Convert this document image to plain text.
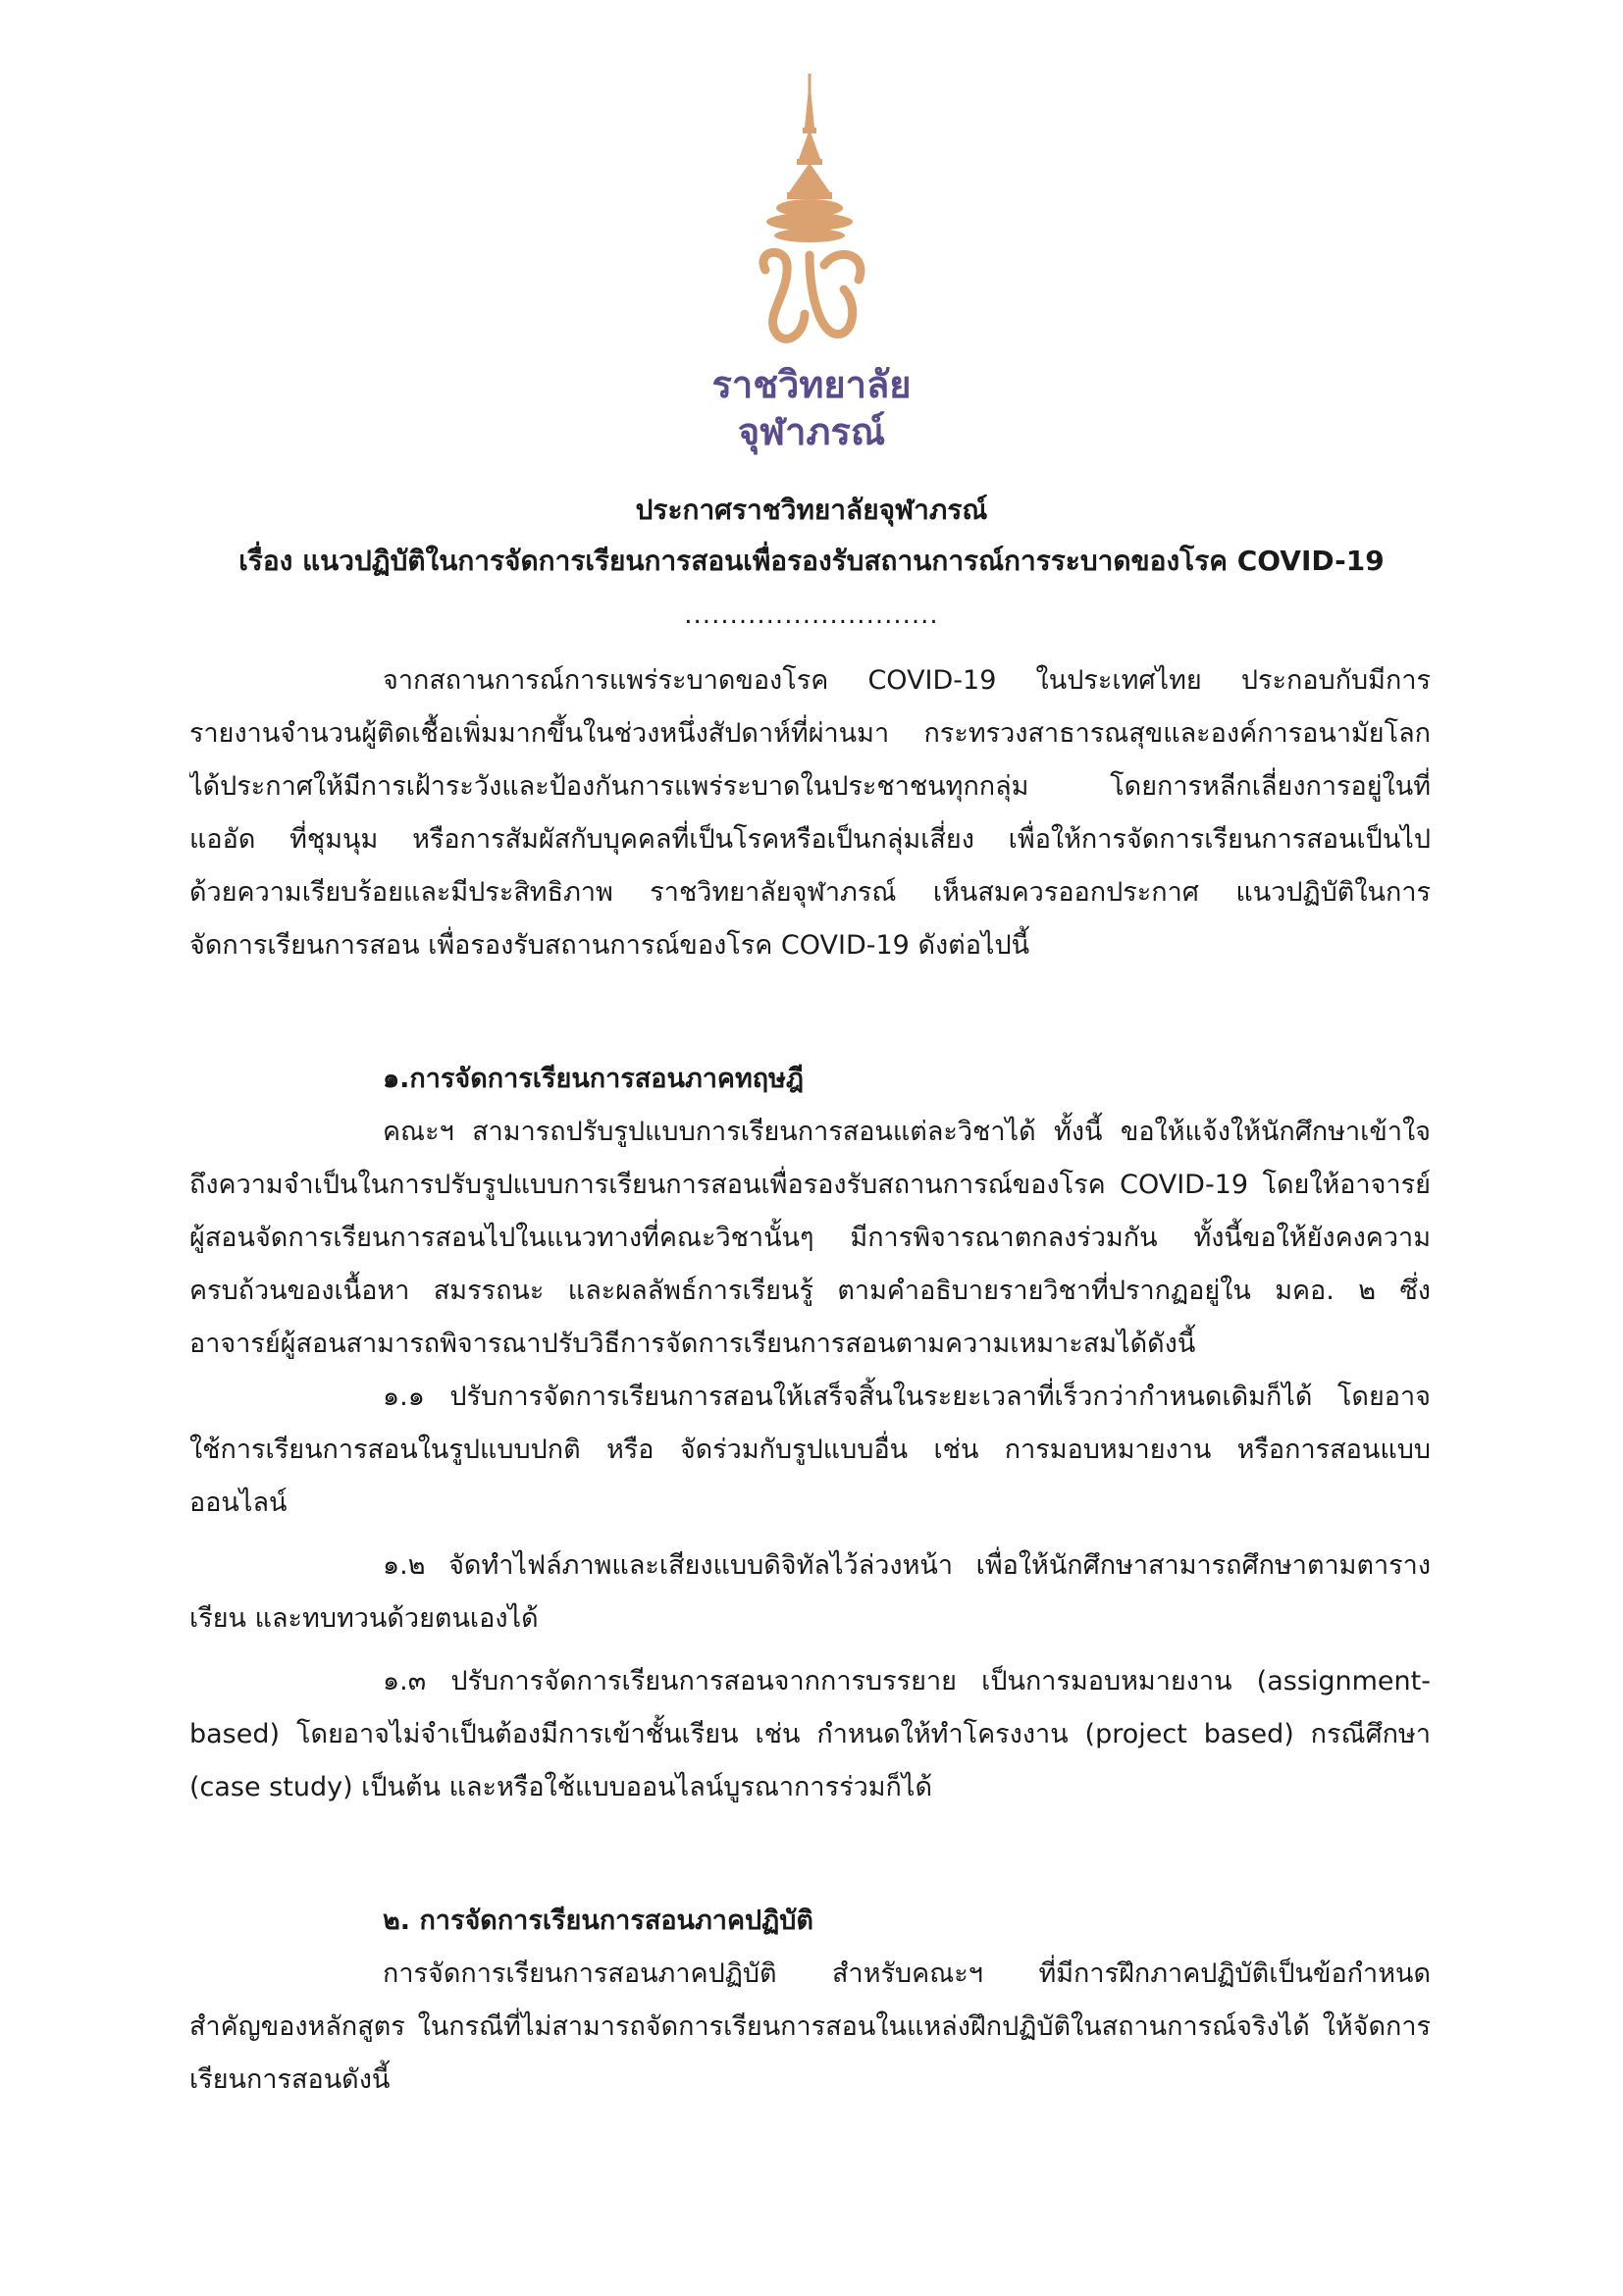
ราชวิทยาลัย
จุฬาภรณ์
ประกาศราชวิทยาลัยจุฬาภรณ์
เรื่อง แนวปฏิบัติในการจัดการเรียนการสอนเพื่อรองรับสถานการณ์การระบาดของโรค COVID-19
............................
จากสถานการณ์การแพร่ระบาดของโรค COVID-19 ในประเทศไทย ประกอบกับมีการ
รายงานจำนวนผู้ติดเชื้อเพิ่มมากขึ้นในช่วงหนึ่งสัปดาห์ที่ผ่านมา กระทรวงสาธารณสุขและองค์การอนามัยโลก
ได้ประกาศให้มีการเฝ้าระวังและป้องกันการแพร่ระบาดในประชาชนทุกกลุ่ม โดยการหลีกเลี่ยงการอยู่ในที่
แออัด ที่ชุมนุม หรือการสัมผัสกับบุคคลที่เป็นโรคหรือเป็นกลุ่มเสี่ยง เพื่อให้การจัดการเรียนการสอนเป็นไป
ด้วยความเรียบร้อยและมีประสิทธิภาพ ราชวิทยาลัยจุฬาภรณ์ เห็นสมควรออกประกาศ แนวปฏิบัติในการ
จัดการเรียนการสอน เพื่อรองรับสถานการณ์ของโรค COVID-19 ดังต่อไปนี้
๑.การจัดการเรียนการสอนภาคทฤษฎี
คณะฯ สามารถปรับรูปแบบการเรียนการสอนแต่ละวิชาได้ ทั้งนี้ ขอให้แจ้งให้นักศึกษาเข้าใจ
ถึงความจำเป็นในการปรับรูปแบบการเรียนการสอนเพื่อรองรับสถานการณ์ของโรค COVID-19 โดยให้อาจารย์
ผู้สอนจัดการเรียนการสอนไปในแนวทางที่คณะวิชานั้นๆ มีการพิจารณาตกลงร่วมกัน ทั้งนี้ขอให้ยังคงความ
ครบถ้วนของเนื้อหา สมรรถนะ และผลลัพธ์การเรียนรู้ ตามคำอธิบายรายวิชาที่ปรากฏอยู่ใน มคอ. ๒ ซึ่ง
อาจารย์ผู้สอนสามารถพิจารณาปรับวิธีการจัดการเรียนการสอนตามความเหมาะสมได้ดังนี้
๑.๑ ปรับการจัดการเรียนการสอนให้เสร็จสิ้นในระยะเวลาที่เร็วกว่ากำหนดเดิมก็ได้ โดยอาจ
ใช้การเรียนการสอนในรูปแบบปกติ หรือ จัดร่วมกับรูปแบบอื่น เช่น การมอบหมายงาน หรือการสอนแบบ
ออนไลน์
๑.๒ จัดทำไฟล์ภาพและเสียงแบบดิจิทัลไว้ล่วงหน้า เพื่อให้นักศึกษาสามารถศึกษาตามตาราง
เรียน และทบทวนด้วยตนเองได้
๑.๓ ปรับการจัดการเรียนการสอนจากการบรรยาย เป็นการมอบหมายงาน (assignment-
based) โดยอาจไม่จำเป็นต้องมีการเข้าชั้นเรียน เช่น กำหนดให้ทำโครงงาน (project based) กรณีศึกษา
(case study) เป็นต้น และหรือใช้แบบออนไลน์บูรณาการร่วมก็ได้
๒. การจัดการเรียนการสอนภาคปฏิบัติ
การจัดการเรียนการสอนภาคปฏิบัติ สำหรับคณะฯ ที่มีการฝึกภาคปฏิบัติเป็นข้อกำหนด
สำคัญของหลักสูตร ในกรณีที่ไม่สามารถจัดการเรียนการสอนในแหล่งฝึกปฏิบัติในสถานการณ์จริงได้ ให้จัดการ
เรียนการสอนดังนี้
